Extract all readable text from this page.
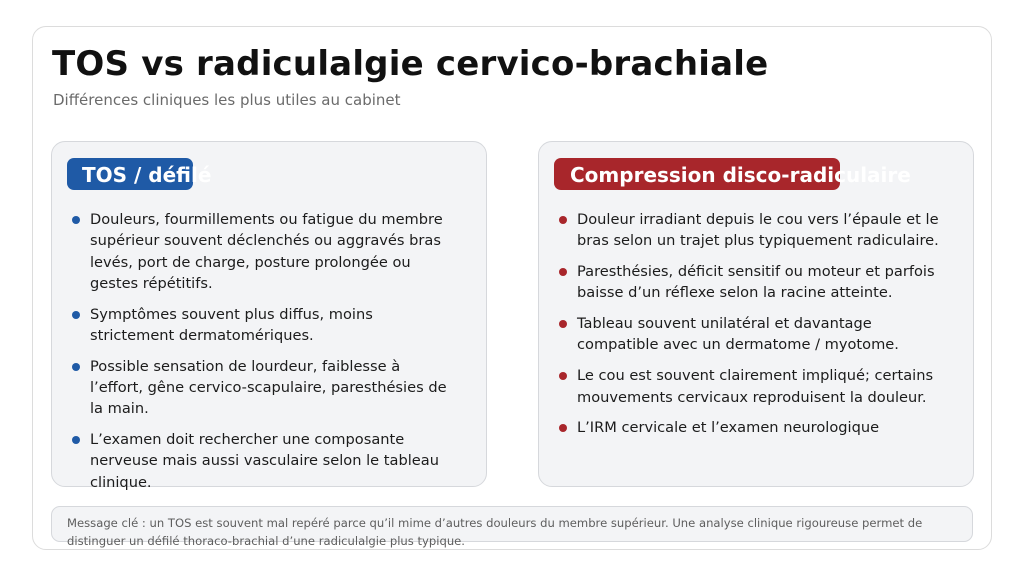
TOS vs radiculalgie cervico-brachiale
Différences cliniques les plus utiles au cabinet
TOS / défilé
Douleurs, fourmillements ou fatigue du membre supérieur souvent déclenchés ou aggravés bras levés, port de charge, posture prolongée ou gestes répétitifs.
Symptômes souvent plus diffus, moins strictement dermatomériques.
Possible sensation de lourdeur, faiblesse à l’effort, gêne cervico-scapulaire, paresthésies de la main.
L’examen doit rechercher une composante nerveuse mais aussi vasculaire selon le tableau clinique.
Compression disco-radiculaire
Douleur irradiant depuis le cou vers l’épaule et le bras selon un trajet plus typiquement radiculaire.
Paresthésies, déficit sensitif ou moteur et parfois baisse d’un réflexe selon la racine atteinte.
Tableau souvent unilatéral et davantage compatible avec un dermatome / myotome.
Le cou est souvent clairement impliqué; certains mouvements cervicaux reproduisent la douleur.
L’IRM cervicale et l’examen neurologique
Message clé : un TOS est souvent mal repéré parce qu’il mime d’autres douleurs du membre supérieur. Une analyse clinique rigoureuse permet de distinguer un défilé thoraco-brachial d’une radiculalgie plus typique.
